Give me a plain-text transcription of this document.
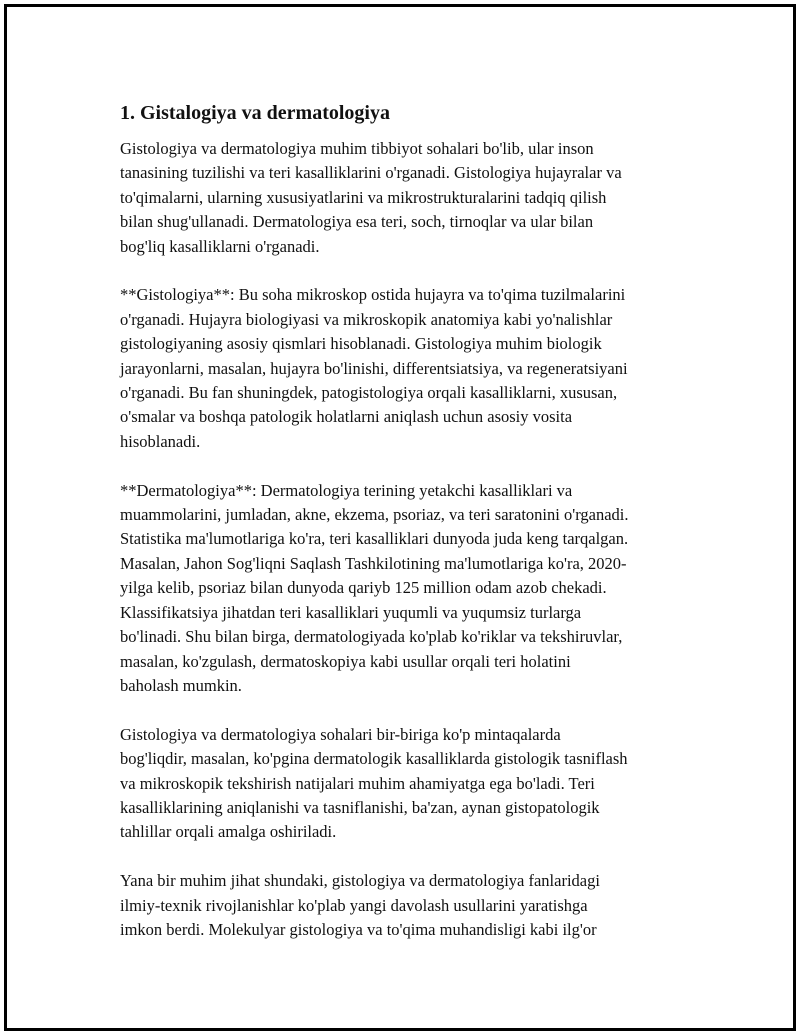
1. Gistalogiya va dermatologiya
Gistologiya va dermatologiya muhim tibbiyot sohalari bo'lib, ular inson
tanasining tuzilishi va teri kasalliklarini o'rganadi. Gistologiya hujayralar va
to'qimalarni, ularning xususiyatlarini va mikrostrukturalarini tadqiq qilish
bilan shug'ullanadi. Dermatologiya esa teri, soch, tirnoqlar va ular bilan
bog'liq kasalliklarni o'rganadi.
**Gistologiya**: Bu soha mikroskop ostida hujayra va to'qima tuzilmalarini
o'rganadi. Hujayra biologiyasi va mikroskopik anatomiya kabi yo'nalishlar
gistologiyaning asosiy qismlari hisoblanadi. Gistologiya muhim biologik
jarayonlarni, masalan, hujayra bo'linishi, differentsiatsiya, va regeneratsiyani
o'rganadi. Bu fan shuningdek, patogistologiya orqali kasalliklarni, xususan,
o'smalar va boshqa patologik holatlarni aniqlash uchun asosiy vosita
hisoblanadi.
**Dermatologiya**: Dermatologiya terining yetakchi kasalliklari va
muammolarini, jumladan, akne, ekzema, psoriaz, va teri saratonini o'rganadi.
Statistika ma'lumotlariga ko'ra, teri kasalliklari dunyoda juda keng tarqalgan.
Masalan, Jahon Sog'liqni Saqlash Tashkilotining ma'lumotlariga ko'ra, 2020-
yilga kelib, psoriaz bilan dunyoda qariyb 125 million odam azob chekadi.
Klassifikatsiya jihatdan teri kasalliklari yuqumli va yuqumsiz turlarga
bo'linadi. Shu bilan birga, dermatologiyada ko'plab ko'riklar va tekshiruvlar,
masalan, ko'zgulash, dermatoskopiya kabi usullar orqali teri holatini
baholash mumkin.
Gistologiya va dermatologiya sohalari bir-biriga ko'p mintaqalarda
bog'liqdir, masalan, ko'pgina dermatologik kasalliklarda gistologik tasniflash
va mikroskopik tekshirish natijalari muhim ahamiyatga ega bo'ladi. Teri
kasalliklarining aniqlanishi va tasniflanishi, ba'zan, aynan gistopatologik
tahlillar orqali amalga oshiriladi.
Yana bir muhim jihat shundaki, gistologiya va dermatologiya fanlaridagi
ilmiy-texnik rivojlanishlar ko'plab yangi davolash usullarini yaratishga
imkon berdi. Molekulyar gistologiya va to'qima muhandisligi kabi ilg'or
